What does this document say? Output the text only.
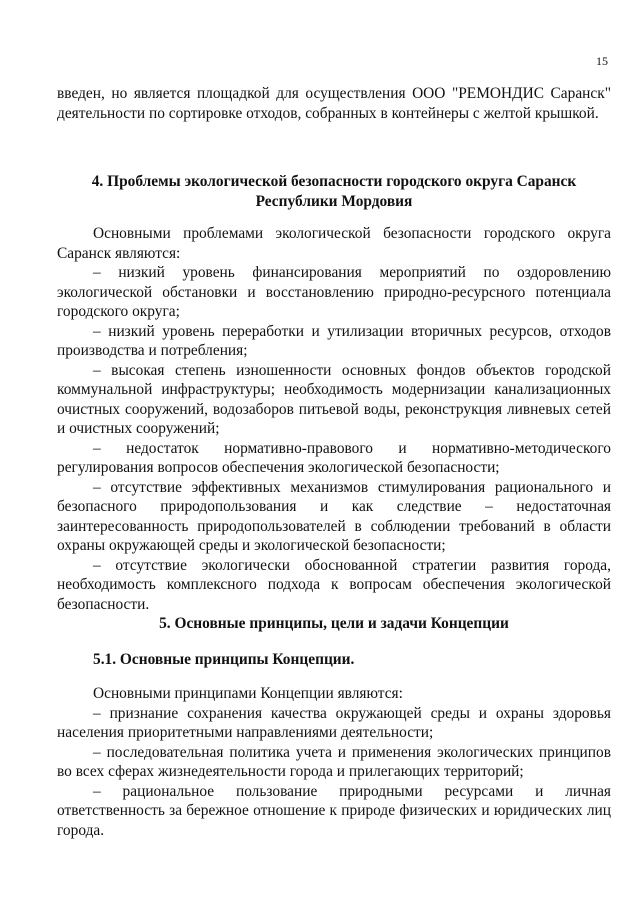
15

введен, но является площадкой для осуществления ООО "РЕМОНДИС Саранск" деятельности по сортировке отходов, собранных в контейнеры с желтой крышкой.

4. Проблемы экологической безопасности городского округа Саранск

Республики Мордовия

Основными проблемами экологической безопасности городского округа Саранск являются:

– низкий уровень финансирования мероприятий по оздоровлению экологической обстановки и восстановлению природно-ресурсного потенциала городского округа;

– низкий уровень переработки и утилизации вторичных ресурсов, отходов производства и потребления;

– высокая степень изношенности основных фондов объектов городской коммунальной инфраструктуры; необходимость модернизации канализационных очистных сооружений, водозаборов питьевой воды, реконструкция ливневых сетей и очистных сооружений;

– недостаток нормативно-правового и нормативно-методического регулирования вопросов обеспечения экологической безопасности;

– отсутствие эффективных механизмов стимулирования рационального и безопасного природопользования и как следствие – недостаточная заинтересованность природопользователей в соблюдении требований в области охраны окружающей среды и экологической безопасности;

– отсутствие экологически обоснованной стратегии развития города, необходимость комплексного подхода к вопросам обеспечения экологической безопасности.

5. Основные принципы, цели и задачи Концепции

5.1. Основные принципы Концепции.

Основными принципами Концепции являются:

– признание сохранения качества окружающей среды и охраны здоровья населения приоритетными направлениями деятельности;

– последовательная политика учета и применения экологических принципов во всех сферах жизнедеятельности города и прилегающих территорий;

– рациональное пользование природными ресурсами и личная ответственность за бережное отношение к природе физических и юридических лиц города.
